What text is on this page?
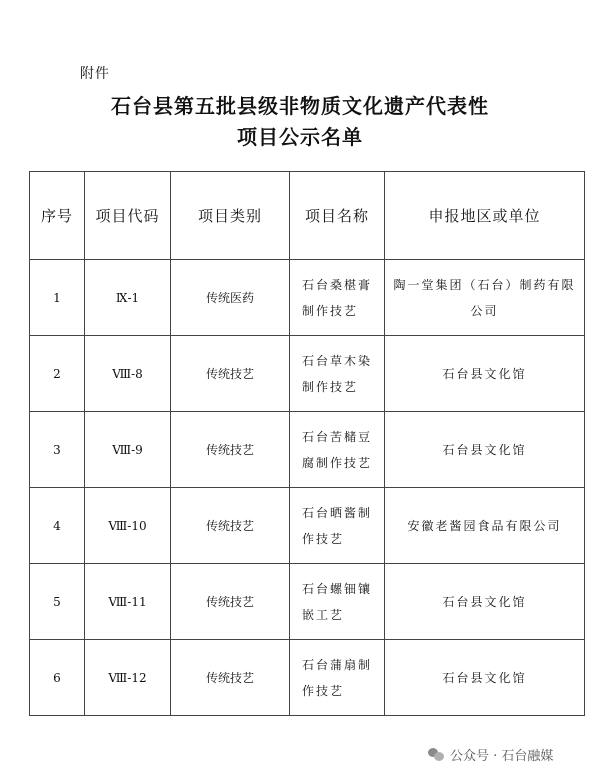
附件
石台县第五批县级非物质文化遗产代表性
项目公示名单
序号	项目代码	项目类别	项目名称	申报地区或单位
1	Ⅸ-1	传统医药	石台桑椹膏制作技艺	陶一堂集团（石台）制药有限公司
2	Ⅷ-8	传统技艺	石台草木染制作技艺	石台县文化馆
3	Ⅷ-9	传统技艺	石台苦槠豆腐制作技艺	石台县文化馆
4	Ⅷ-10	传统技艺	石台晒酱制作技艺	安徽老酱园食品有限公司
5	Ⅷ-11	传统技艺	石台螺钿镶嵌工艺	石台县文化馆
6	Ⅷ-12	传统技艺	石台蒲扇制作技艺	石台县文化馆
公众号 · 石台融媒
